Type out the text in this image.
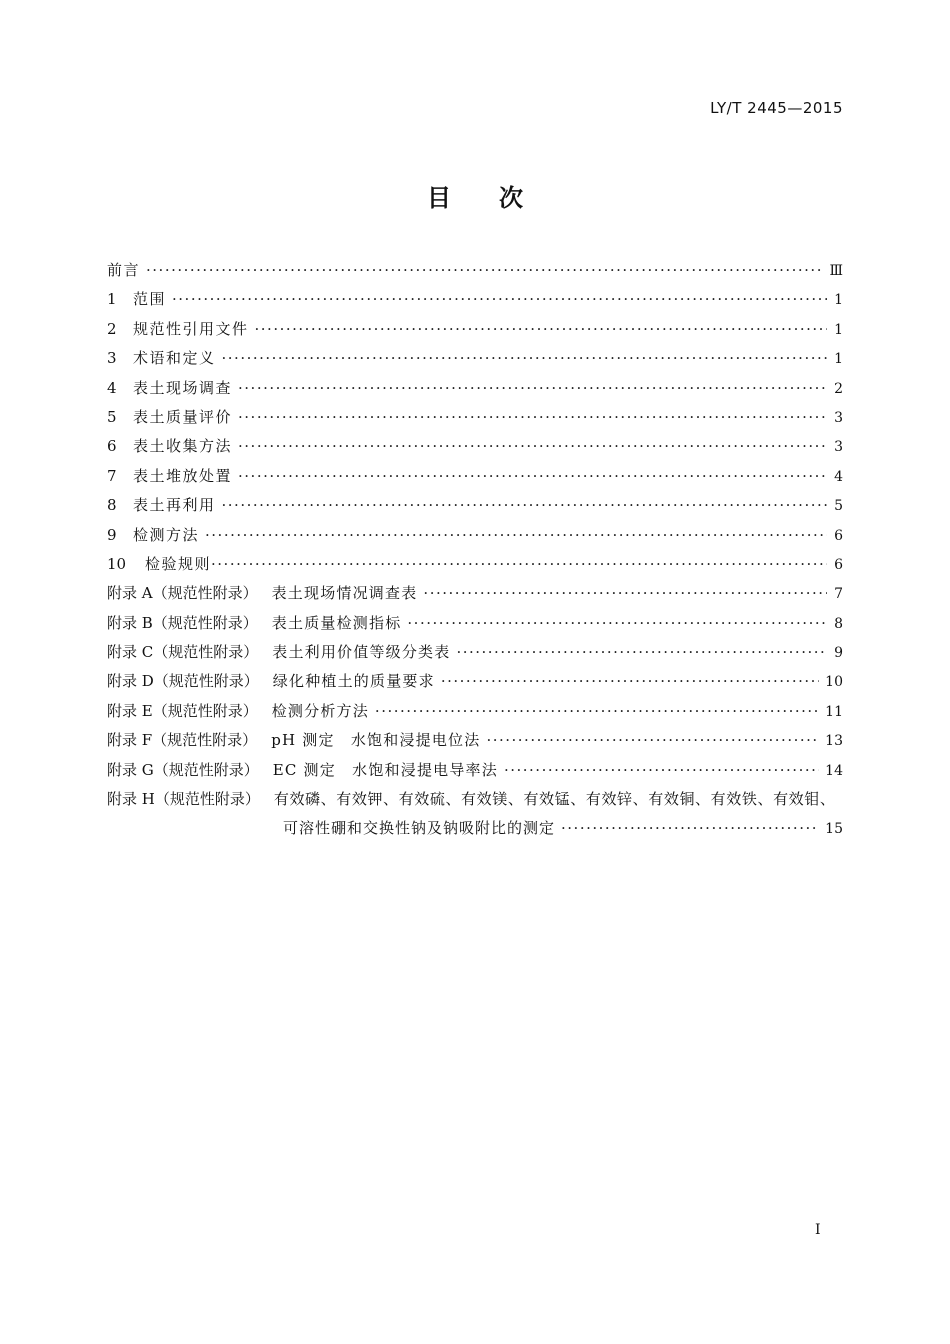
LY/T 2445—2015
目次
前言 ·····	Ⅲ
1	范围 ·····	1
2	规范性引用文件 ·····	1
3	术语和定义 ·····	1
4	表土现场调查 ·····	2
5	表土质量评价 ·····	3
6	表土收集方法 ·····	3
7	表土堆放处置 ·····	4
8	表土再利用 ·····	5
9	检测方法 ·····	6
10	检验规则 ·····	6
附录 A（规范性附录） 表土现场情况调查表 ·····	7
附录 B（规范性附录） 表土质量检测指标 ·····	8
附录 C（规范性附录） 表土利用价值等级分类表 ·····	9
附录 D（规范性附录） 绿化种植土的质量要求 ·····	10
附录 E（规范性附录） 检测分析方法 ·····	11
附录 F（规范性附录） pH 测定　水饱和浸提电位法 ·····	13
附录 G（规范性附录） EC 测定　水饱和浸提电导率法 ·····	14
附录 H（规范性附录） 有效磷、有效钾、有效硫、有效镁、有效锰、有效锌、有效铜、有效铁、有效钼、
可溶性硼和交换性钠及钠吸附比的测定 ·····	15
I
